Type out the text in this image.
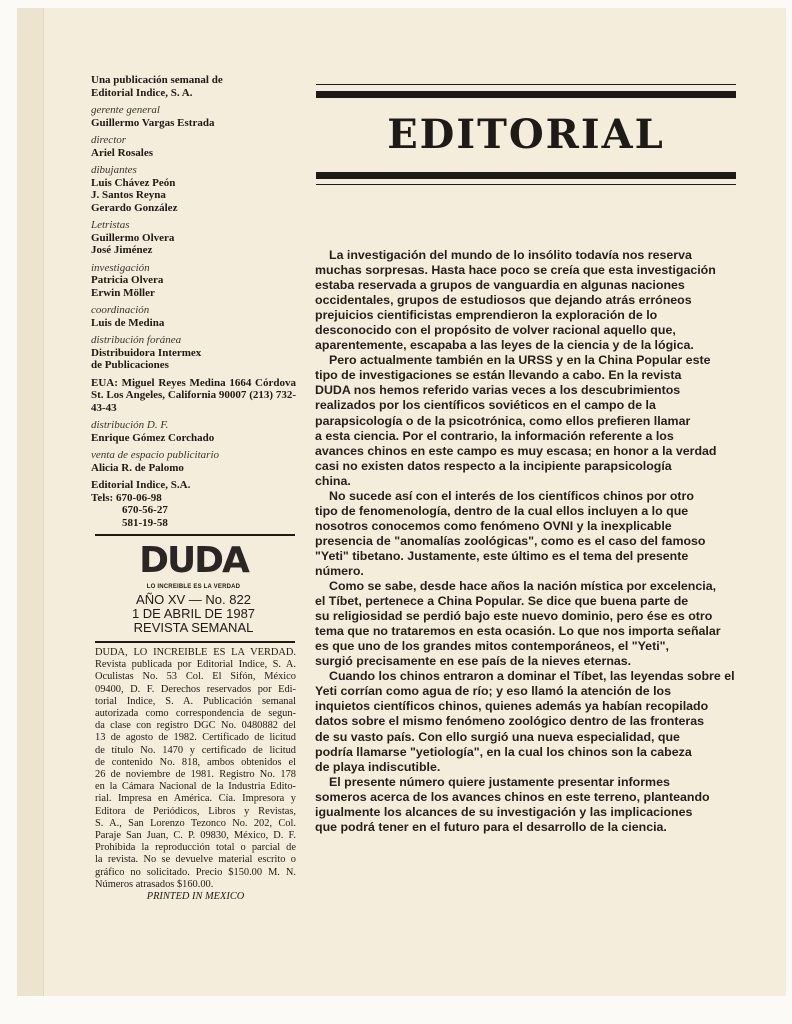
Una publicación semanal de
Editorial Indice, S. A.
gerente general
Guillermo Vargas Estrada
director
Ariel Rosales
dibujantes
Luis Chávez Peón
J. Santos Reyna
Gerardo González
Letristas
Guillermo Olvera
José Jiménez
investigación
Patricia Olvera
Erwin Möller
coordinación
Luis de Medina
distribución foránea
Distribuidora Intermex
de Publicaciones
EUA: Miguel Reyes Medina 1664 Córdova St. Los Angeles, California 90007 (213) 732-43-43
distribución D. F.
Enrique Gómez Corchado
venta de espacio publicitario
Alicia R. de Palomo
Editorial Indice, S.A.
Tels: 670-06-98
670-56-27
581-19-58
DUDA
LO INCREIBLE ES LA VERDAD
AÑO XV — No. 822
1 DE ABRIL DE 1987
REVISTA SEMANAL
DUDA, LO INCREIBLE ES LA VERDAD.
Revista publicada por Editorial Indice, S. A.
Oculistas No. 53 Col. El Sifón, México
09400, D. F. Derechos reservados por Edi-
torial Indice, S. A. Publicación semanal
autorizada como correspondencia de segun-
da clase con registro DGC No. 0480882 del
13 de agosto de 1982. Certificado de licitud
de título No. 1470 y certificado de licitud
de contenido No. 818, ambos obtenidos el
26 de noviembre de 1981. Registro No. 178
en la Cámara Nacional de la Industria Edito-
rial. Impresa en América. Cía. Impresora y
Editora de Periódicos, Libros y Revistas,
S. A., San Lorenzo Tezonco No. 202, Col.
Paraje San Juan, C. P. 09830, México, D. F.
Prohibida la reproducción total o parcial de
la revista. No se devuelve material escrito o
gráfico no solicitado. Precio $150.00 M. N.
Números atrasados $160.00.
PRINTED IN MEXICO
EDITORIAL
La investigación del mundo de lo insólito todavía nos reserva
muchas sorpresas. Hasta hace poco se creía que esta investigación
estaba reservada a grupos de vanguardia en algunas naciones
occidentales, grupos de estudiosos que dejando atrás erróneos
prejuicios cientificistas emprendieron la exploración de lo
desconocido con el propósito de volver racional aquello que,
aparentemente, escapaba a las leyes de la ciencia y de la lógica.
Pero actualmente también en la URSS y en la China Popular este
tipo de investigaciones se están llevando a cabo. En la revista
DUDA nos hemos referido varias veces a los descubrimientos
realizados por los científicos soviéticos en el campo de la
parapsicología o de la psicotrónica, como ellos prefieren llamar
a esta ciencia. Por el contrario, la información referente a los
avances chinos en este campo es muy escasa; en honor a la verdad
casi no existen datos respecto a la incipiente parapsicología
china.
No sucede así con el interés de los científicos chinos por otro
tipo de fenomenología, dentro de la cual ellos incluyen a lo que
nosotros conocemos como fenómeno OVNI y la inexplicable
presencia de "anomalías zoológicas", como es el caso del famoso
"Yeti" tibetano. Justamente, este último es el tema del presente
número.
Como se sabe, desde hace años la nación mística por excelencia,
el Tíbet, pertenece a China Popular. Se dice que buena parte de
su religiosidad se perdió bajo este nuevo dominio, pero ése es otro
tema que no trataremos en esta ocasión. Lo que nos importa señalar
es que uno de los grandes mitos contemporáneos, el "Yeti",
surgió precisamente en ese país de la nieves eternas.
Cuando los chinos entraron a dominar el Tíbet, las leyendas sobre el
Yeti corrían como agua de río; y eso llamó la atención de los
inquietos científicos chinos, quienes además ya habían recopilado
datos sobre el mismo fenómeno zoológico dentro de las fronteras
de su vasto país. Con ello surgió una nueva especialidad, que
podría llamarse "yetiología", en la cual los chinos son la cabeza
de playa indiscutible.
El presente número quiere justamente presentar informes
someros acerca de los avances chinos en este terreno, planteando
igualmente los alcances de su investigación y las implicaciones
que podrá tener en el futuro para el desarrollo de la ciencia.
